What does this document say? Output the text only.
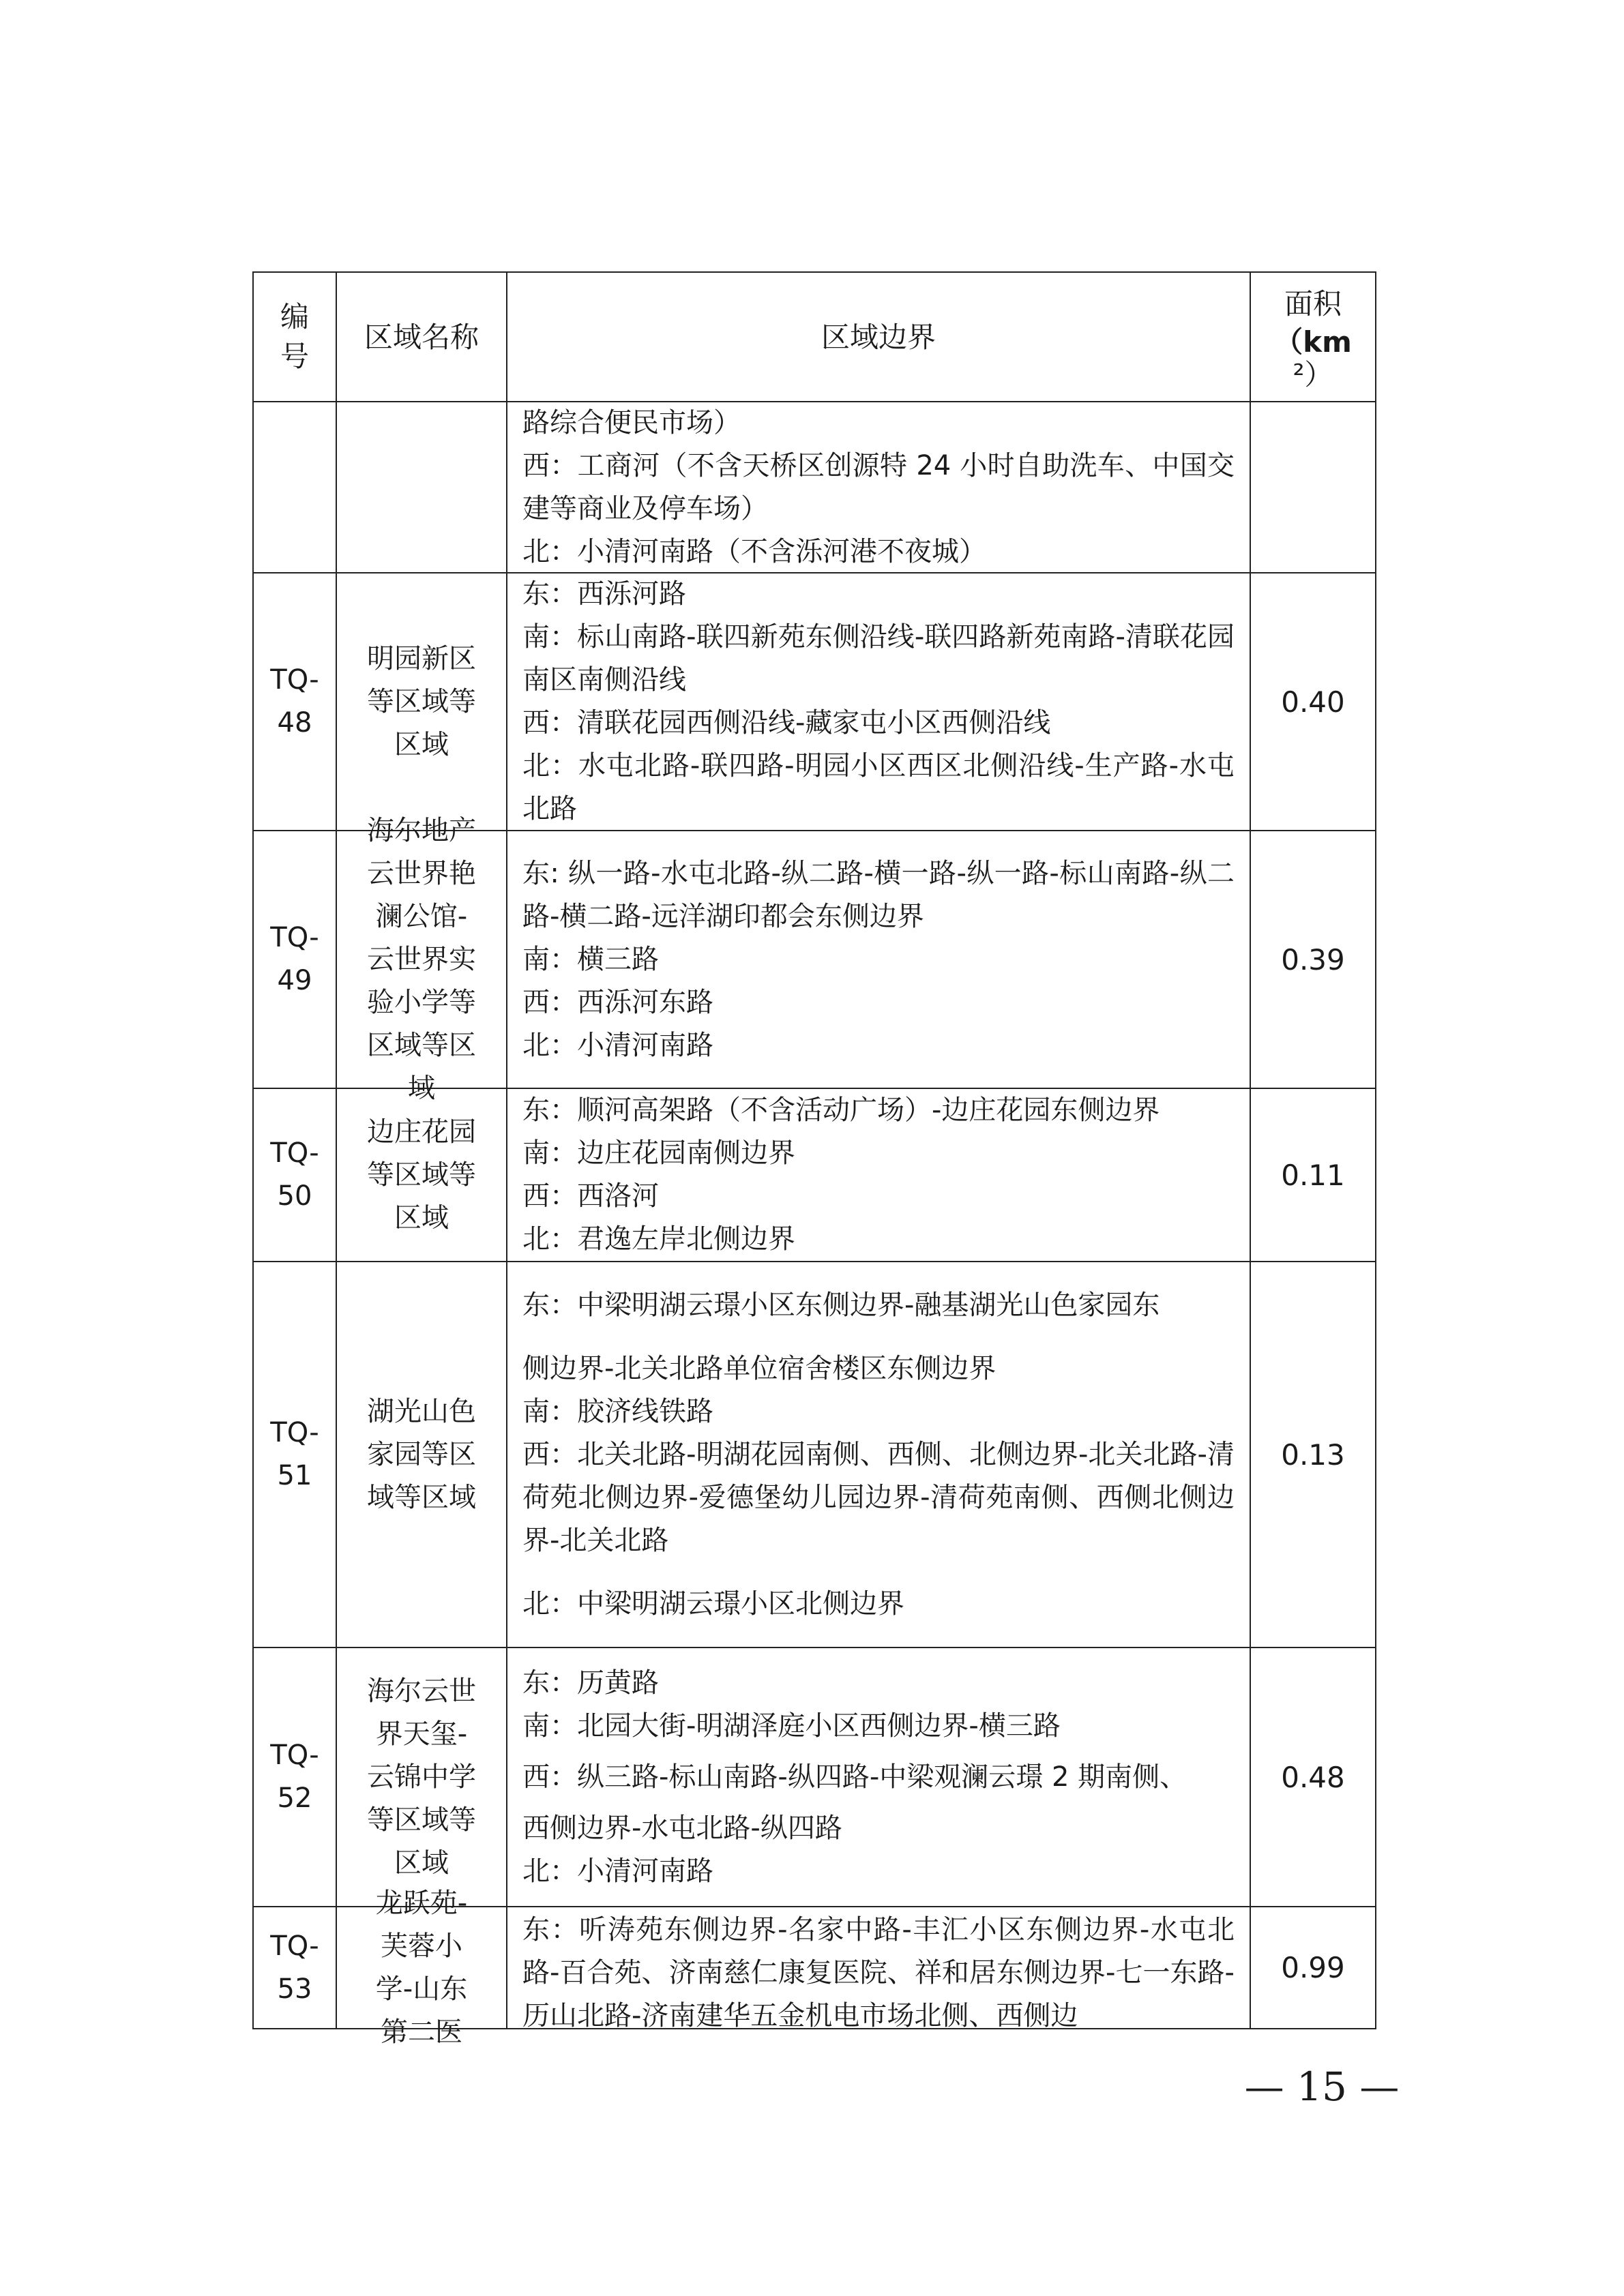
编号
区域名称	区域边界
面积
（km
²）
路综合便民市场）
西：工商河（不含天桥区创源特 24 小时自助洗车、中国交建等商业及停车场）
北：小清河南路（不含泺河港不夜城）
TQ-48
明园新区等区域等区域
东：西泺河路
南：标山南路-联四新苑东侧沿线-联四路新苑南路-清联花园南区南侧沿线
西：清联花园西侧沿线-藏家屯小区西侧沿线
北：水屯北路-联四路-明园小区西区北侧沿线-生产路-水屯北路
0.40
TQ-49
海尔地产云世界艳澜公馆-云世界实验小学等区域等区域
东: 纵一路-水屯北路-纵二路-横一路-纵一路-标山南路-纵二路-横二路-远洋湖印都会东侧边界
南：横三路
西：西泺河东路
北：小清河南路
0.39
TQ-50
边庄花园等区域等区域
东：顺河高架路（不含活动广场）-边庄花园东侧边界
南：边庄花园南侧边界
西：西洛河
北：君逸左岸北侧边界
0.11
TQ-51
湖光山色家园等区域等区域
东：中梁明湖云璟小区东侧边界-融基湖光山色家园东
侧边界-北关北路单位宿舍楼区东侧边界
南：胶济线铁路
西：北关北路-明湖花园南侧、西侧、北侧边界-北关北路-清荷苑北侧边界-爱德堡幼儿园边界-清荷苑南侧、西侧北侧边界-北关北路
北：中梁明湖云璟小区北侧边界
0.13
TQ-52
海尔云世界天玺-云锦中学等区域等区域
东：历黄路
南：北园大街-明湖泽庭小区西侧边界-横三路
西：纵三路-标山南路-纵四路-中梁观澜云璟 2 期南侧、
西侧边界-水屯北路-纵四路
北：小清河南路
0.48
TQ-53
龙跃苑-芙蓉小学-山东第二医
东：听涛苑东侧边界-名家中路-丰汇小区东侧边界-水屯北路-百合苑、济南慈仁康复医院、祥和居东侧边界-七一东路-历山北路-济南建华五金机电市场北侧、西侧边
0.99
— 15 —
